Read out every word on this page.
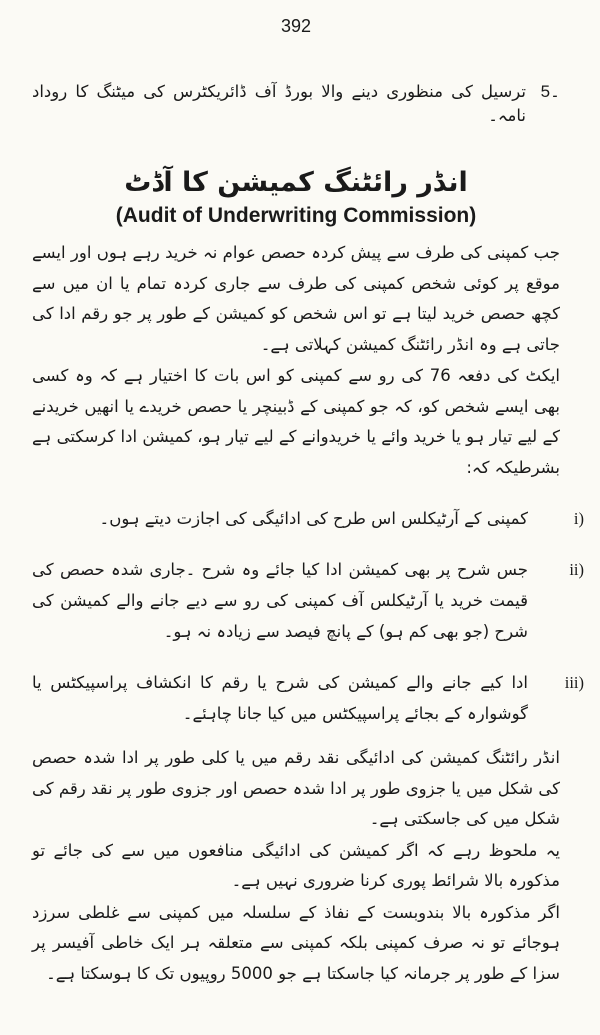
392
5۔
ترسیل کی منظوری دینے والا بورڈ آف ڈائریکٹرس کی میٹنگ کا روداد نامہ۔
انڈر رائٹنگ کمیشن کا آڈٹ
(Audit of Underwriting Commission)

جب کمپنی کی طرف سے پیش کردہ حصص عوام نہ خرید رہے ہوں اور ایسے موقع پر کوئی شخص کمپنی کی طرف سے جاری کردہ تمام یا ان میں سے کچھ حصص خرید لیتا ہے تو اس شخص کو کمیشن کے طور پر جو رقم ادا کی جاتی ہے وہ انڈر رائٹنگ کمیشن کہلاتی ہے۔

ایکٹ کی دفعہ 76 کی رو سے کمپنی کو اس بات کا اختیار ہے کہ وہ کسی بھی ایسے شخص کو، کہ جو کمپنی کے ڈبینچر یا حصص خریدے یا انھیں خریدنے کے لیے تیار ہو یا خرید وائے یا خریدوانے کے لیے تیار ہو، کمیشن ادا کرسکتی ہے بشرطیکہ کہ:

i)
کمپنی کے آرٹیکلس اس طرح کی ادائیگی کی اجازت دیتے ہوں۔
ii)
جس شرح پر بھی کمیشن ادا کیا جائے وہ شرح ۔جاری شدہ حصص کی قیمت خرید یا آرٹیکلس آف کمپنی کی رو سے دیے جانے والے کمیشن کی شرح (جو بھی کم ہو) کے پانچ فیصد سے زیادہ نہ ہو۔
iii)
ادا کیے جانے والے کمیشن کی شرح یا رقم کا انکشاف پراسپیکٹس یا گوشوارہ کے بجائے پراسپیکٹس میں کیا جانا چاہئے۔

انڈر رائٹنگ کمیشن کی ادائیگی نقد رقم میں یا کلی طور پر ادا شدہ حصص کی شکل میں یا جزوی طور پر ادا شدہ حصص اور جزوی طور پر نقد رقم کی شکل میں کی جاسکتی ہے۔

یہ ملحوظ رہے کہ اگر کمیشن کی ادائیگی منافعوں میں سے کی جائے تو مذکورہ بالا شرائط پوری کرنا ضروری نہیں ہے۔

اگر مذکورہ بالا بندوبست کے نفاذ کے سلسلہ میں کمپنی سے غلطی سرزد ہوجائے تو نہ صرف کمپنی بلکہ کمپنی سے متعلقہ ہر ایک خاطی آفیسر پر سزا کے طور پر جرمانہ کیا جاسکتا ہے جو 5000 روپیوں تک کا ہوسکتا ہے۔
